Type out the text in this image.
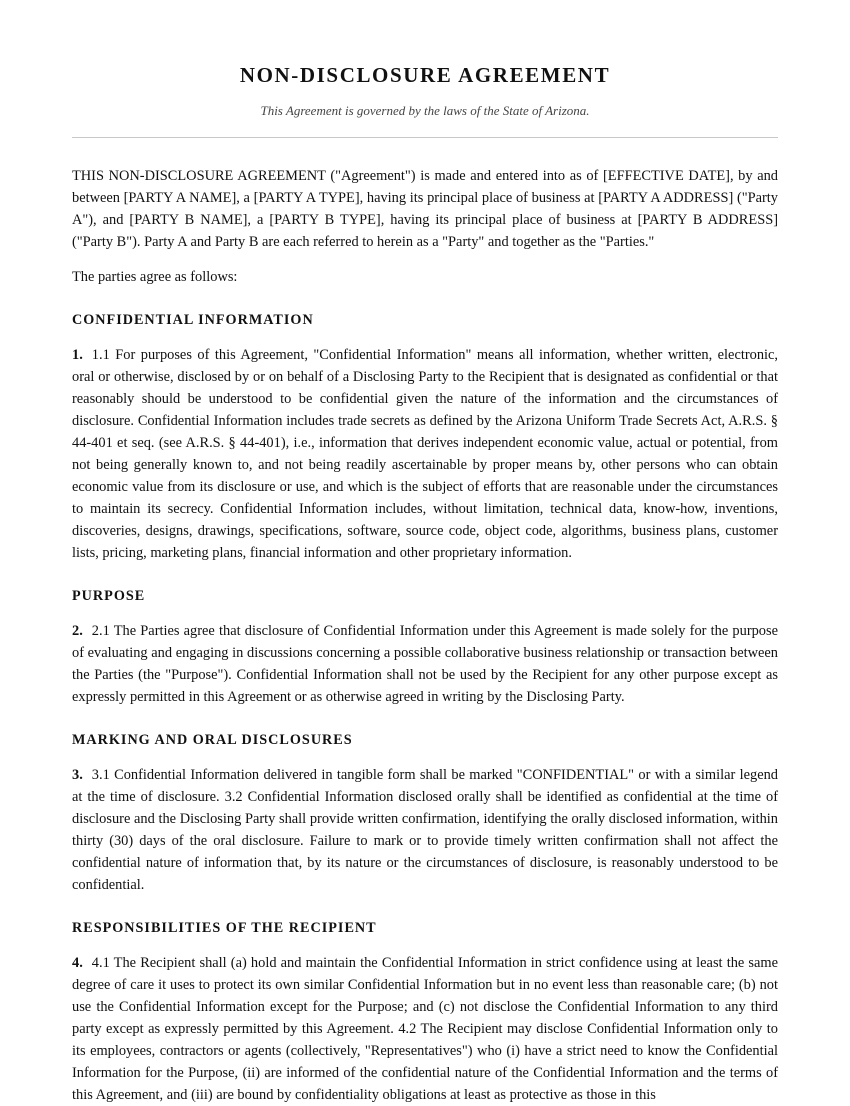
NON-DISCLOSURE AGREEMENT

This Agreement is governed by the laws of the State of Arizona.

THIS NON-DISCLOSURE AGREEMENT ("Agreement") is made and entered into as of [EFFECTIVE DATE], by and between [PARTY A NAME], a [PARTY A TYPE], having its principal place of business at [PARTY A ADDRESS] ("Party A"), and [PARTY B NAME], a [PARTY B TYPE], having its principal place of business at [PARTY B ADDRESS] ("Party B"). Party A and Party B are each referred to herein as a "Party" and together as the "Parties."

The parties agree as follows:

CONFIDENTIAL INFORMATION

1. 1.1 For purposes of this Agreement, "Confidential Information" means all information, whether written, electronic, oral or otherwise, disclosed by or on behalf of a Disclosing Party to the Recipient that is designated as confidential or that reasonably should be understood to be confidential given the nature of the information and the circumstances of disclosure. Confidential Information includes trade secrets as defined by the Arizona Uniform Trade Secrets Act, A.R.S. § 44-401 et seq. (see A.R.S. § 44-401), i.e., information that derives independent economic value, actual or potential, from not being generally known to, and not being readily ascertainable by proper means by, other persons who can obtain economic value from its disclosure or use, and which is the subject of efforts that are reasonable under the circumstances to maintain its secrecy. Confidential Information includes, without limitation, technical data, know-how, inventions, discoveries, designs, drawings, specifications, software, source code, object code, algorithms, business plans, customer lists, pricing, marketing plans, financial information and other proprietary information.

PURPOSE

2. 2.1 The Parties agree that disclosure of Confidential Information under this Agreement is made solely for the purpose of evaluating and engaging in discussions concerning a possible collaborative business relationship or transaction between the Parties (the "Purpose"). Confidential Information shall not be used by the Recipient for any other purpose except as expressly permitted in this Agreement or as otherwise agreed in writing by the Disclosing Party.

MARKING AND ORAL DISCLOSURES

3. 3.1 Confidential Information delivered in tangible form shall be marked "CONFIDENTIAL" or with a similar legend at the time of disclosure. 3.2 Confidential Information disclosed orally shall be identified as confidential at the time of disclosure and the Disclosing Party shall provide written confirmation, identifying the orally disclosed information, within thirty (30) days of the oral disclosure. Failure to mark or to provide timely written confirmation shall not affect the confidential nature of information that, by its nature or the circumstances of disclosure, is reasonably understood to be confidential.

RESPONSIBILITIES OF THE RECIPIENT

4. 4.1 The Recipient shall (a) hold and maintain the Confidential Information in strict confidence using at least the same degree of care it uses to protect its own similar Confidential Information but in no event less than reasonable care; (b) not use the Confidential Information except for the Purpose; and (c) not disclose the Confidential Information to any third party except as expressly permitted by this Agreement. 4.2 The Recipient may disclose Confidential Information only to its employees, contractors or agents (collectively, "Representatives") who (i) have a strict need to know the Confidential Information for the Purpose, (ii) are informed of the confidential nature of the Confidential Information and the terms of this Agreement, and (iii) are bound by confidentiality obligations at least as protective as those in this
